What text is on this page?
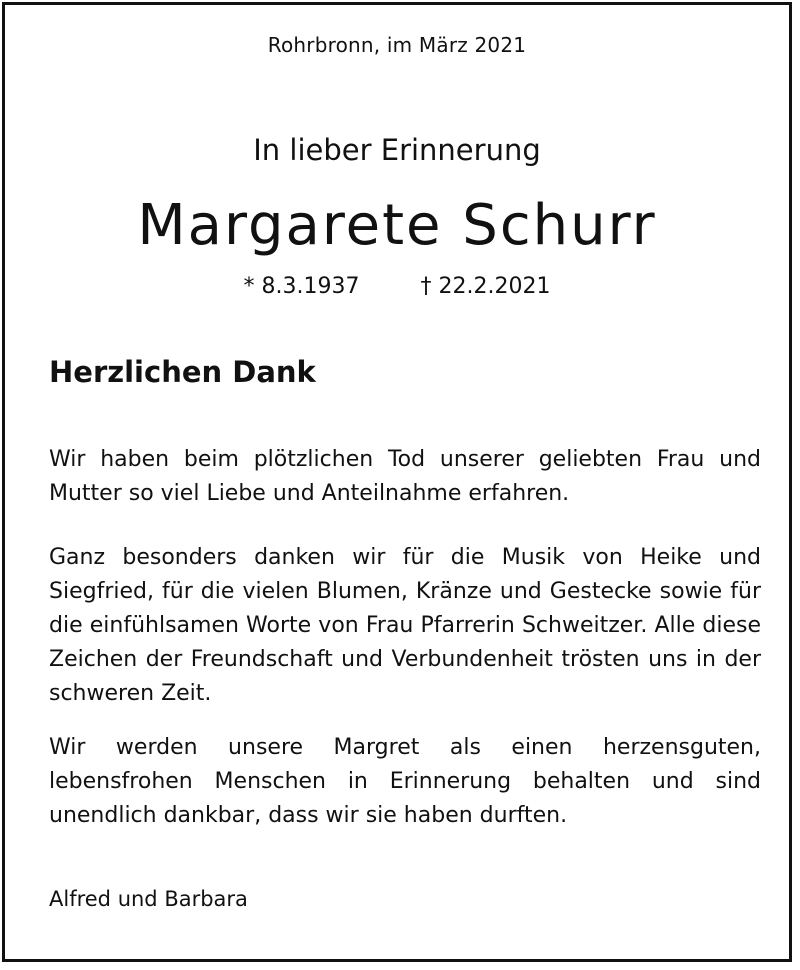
Rohrbronn, im März 2021
In lieber Erinnerung
Margarete Schurr
* 8.3.1937	† 22.2.2021
Herzlichen Dank

Wir haben beim plötzlichen Tod unserer geliebten Frau und Mutter so viel Liebe und Anteilnahme erfahren.

Ganz besonders danken wir für die Musik von Heike und Siegfried, für die vielen Blumen, Kränze und Gestecke sowie für die einfühlsamen Worte von Frau Pfarrerin Schweitzer. Alle diese Zeichen der Freundschaft und Verbundenheit trösten uns in der schweren Zeit.

Wir werden unsere Margret als einen herzensguten, lebensfrohen Menschen in Erinnerung behalten und sind unendlich dankbar, dass wir sie haben durften.

Alfred und Barbara
